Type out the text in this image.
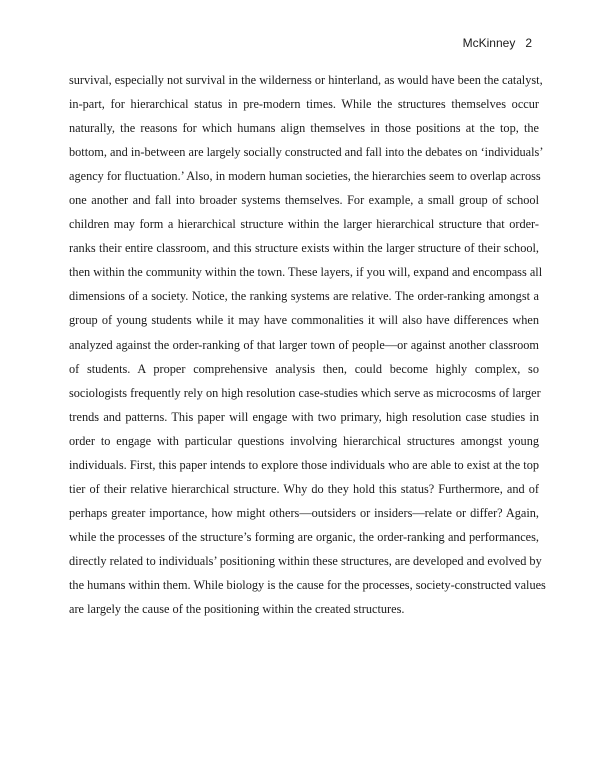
McKinney 2
survival, especially not survival in the wilderness or hinterland, as would have been the catalyst,
in-part, for hierarchical status in pre-modern times. While the structures themselves occur
naturally, the reasons for which humans align themselves in those positions at the top, the
bottom, and in-between are largely socially constructed and fall into the debates on ‘individuals’
agency for fluctuation.’ Also, in modern human societies, the hierarchies seem to overlap across
one another and fall into broader systems themselves. For example, a small group of school
children may form a hierarchical structure within the larger hierarchical structure that order-
ranks their entire classroom, and this structure exists within the larger structure of their school,
then within the community within the town. These layers, if you will, expand and encompass all
dimensions of a society. Notice, the ranking systems are relative. The order-ranking amongst a
group of young students while it may have commonalities it will also have differences when
analyzed against the order-ranking of that larger town of people—or against another classroom
of students. A proper comprehensive analysis then, could become highly complex, so
sociologists frequently rely on high resolution case-studies which serve as microcosms of larger
trends and patterns. This paper will engage with two primary, high resolution case studies in
order to engage with particular questions involving hierarchical structures amongst young
individuals. First, this paper intends to explore those individuals who are able to exist at the top
tier of their relative hierarchical structure. Why do they hold this status? Furthermore, and of
perhaps greater importance, how might others—outsiders or insiders—relate or differ? Again,
while the processes of the structure’s forming are organic, the order-ranking and performances,
directly related to individuals’ positioning within these structures, are developed and evolved by
the humans within them. While biology is the cause for the processes, society-constructed values
are largely the cause of the positioning within the created structures.
